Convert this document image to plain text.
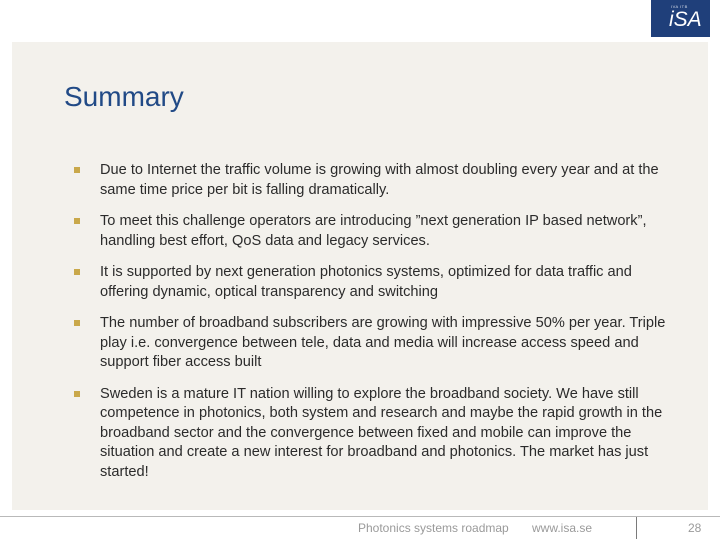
IVA ITB
iSA
Summary
Due to Internet the traffic volume is growing with almost doubling every year and at the same time price per bit is falling dramatically.
To meet this challenge operators are introducing ”next generation IP based network”, handling best effort, QoS data and legacy services.
It is supported by next generation photonics systems, optimized for data traffic and offering dynamic, optical transparency and switching
The number of broadband subscribers are growing with impressive 50% per year. Triple play i.e. convergence between tele, data and media will increase access speed and support fiber access built
Sweden is a mature IT nation willing to explore the broadband society. We have still competence in photonics, both system and research and maybe the rapid growth in the broadband sector and the convergence between fixed and mobile can improve the situation and create a new interest for broadband and photonics. The market has just started!
Photonics systems roadmap www.isa.se	28
